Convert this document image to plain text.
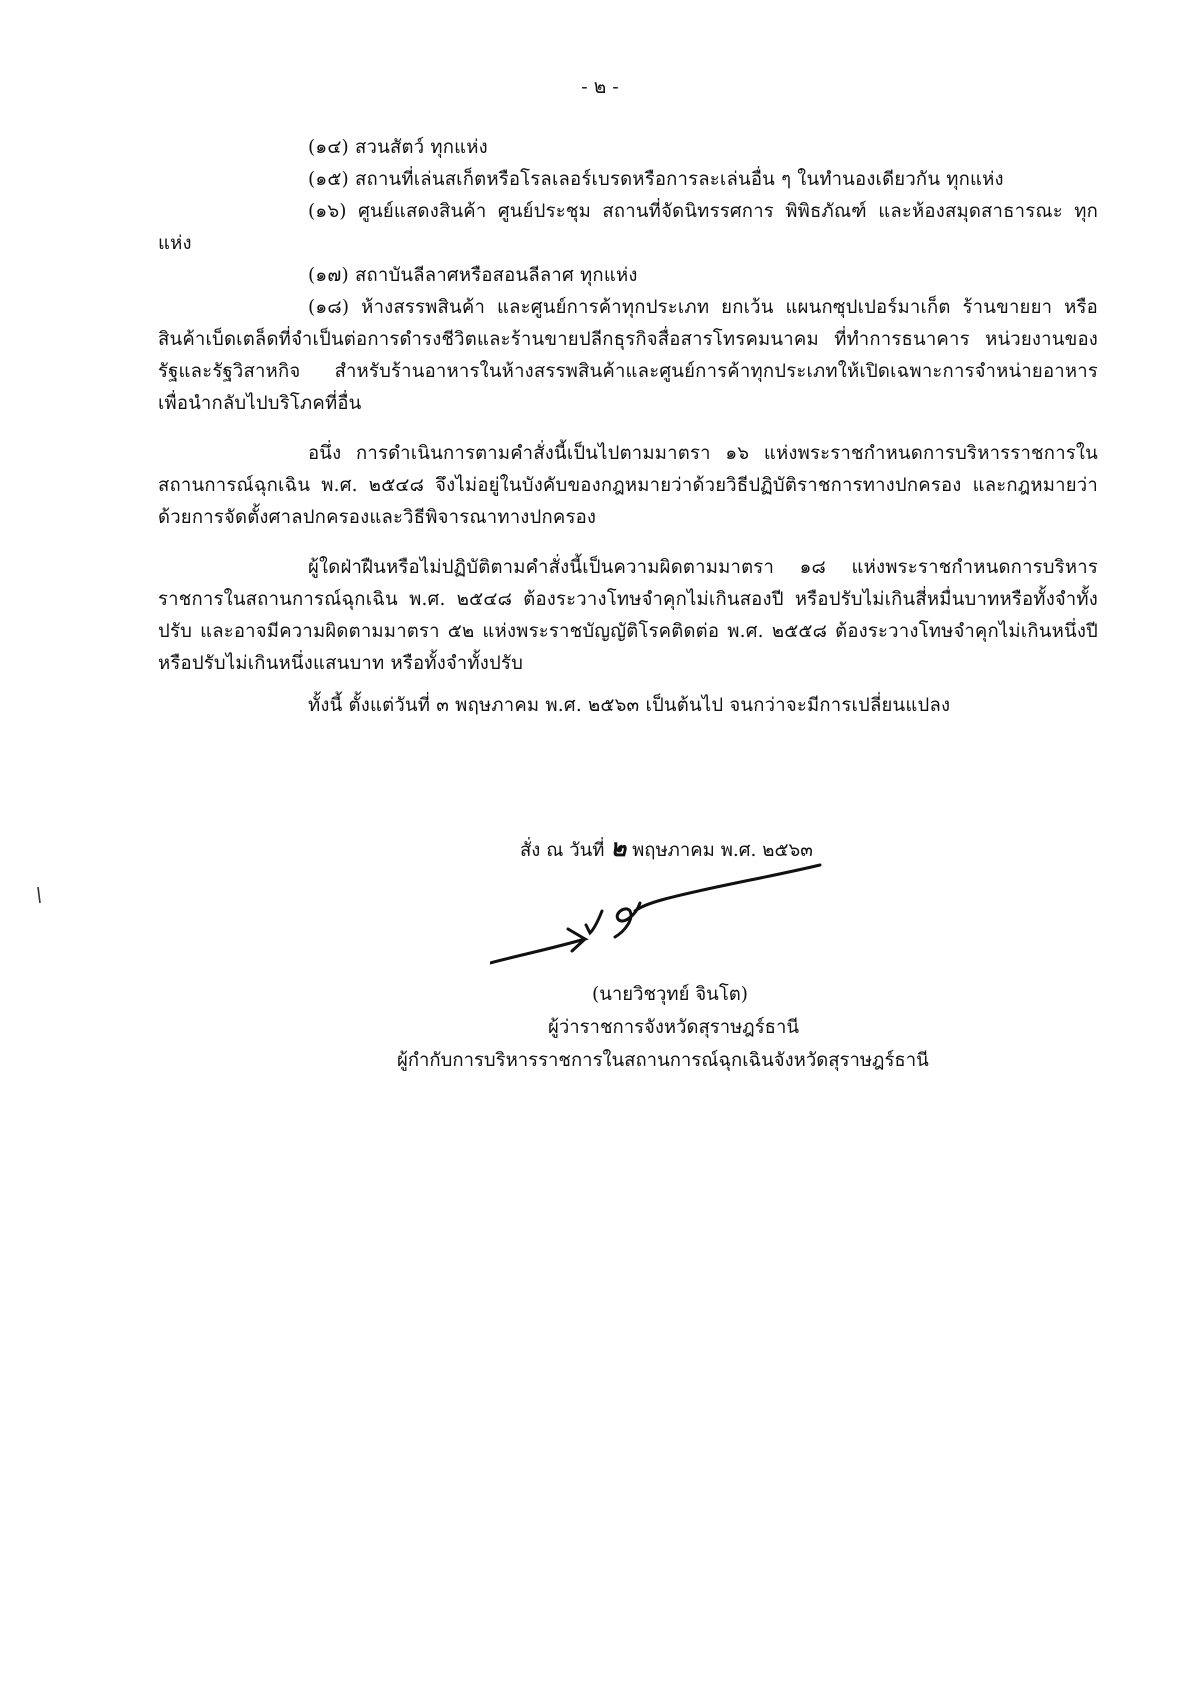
- ๒ -

(๑๔) สวนสัตว์ ทุกแห่ง

(๑๕) สถานที่เล่นสเก็ตหรือโรลเลอร์เบรดหรือการละเล่นอื่น ๆ ในทำนองเดียวกัน ทุกแห่ง

(๑๖) ศูนย์แสดงสินค้า ศูนย์ประชุม สถานที่จัดนิทรรศการ พิพิธภัณฑ์ และห้องสมุดสาธารณะ ทุกแห่ง

(๑๗) สถาบันลีลาศหรือสอนลีลาศ ทุกแห่ง

(๑๘) ห้างสรรพสินค้า และศูนย์การค้าทุกประเภท ยกเว้น แผนกซุปเปอร์มาเก็ต ร้านขายยา หรือสินค้าเบ็ดเตล็ดที่จำเป็นต่อการดำรงชีวิตและร้านขายปลีกธุรกิจสื่อสารโทรคมนาคม ที่ทำการธนาคาร หน่วยงานของรัฐและรัฐวิสาหกิจ สำหรับร้านอาหารในห้างสรรพสินค้าและศูนย์การค้าทุกประเภทให้เปิดเฉพาะการจำหน่ายอาหารเพื่อนำกลับไปบริโภคที่อื่น

อนึ่ง การดำเนินการตามคำสั่งนี้เป็นไปตามมาตรา ๑๖ แห่งพระราชกำหนดการบริหารราชการในสถานการณ์ฉุกเฉิน พ.ศ. ๒๕๔๘ จึงไม่อยู่ในบังคับของกฎหมายว่าด้วยวิธีปฏิบัติราชการทางปกครอง และกฎหมายว่าด้วยการจัดตั้งศาลปกครองและวิธีพิจารณาทางปกครอง

ผู้ใดฝ่าฝืนหรือไม่ปฏิบัติตามคำสั่งนี้เป็นความผิดตามมาตรา ๑๘ แห่งพระราชกำหนดการบริหารราชการในสถานการณ์ฉุกเฉิน พ.ศ. ๒๕๔๘ ต้องระวางโทษจำคุกไม่เกินสองปี หรือปรับไม่เกินสี่หมื่นบาทหรือทั้งจำทั้งปรับ และอาจมีความผิดตามมาตรา ๕๒ แห่งพระราชบัญญัติโรคติดต่อ พ.ศ. ๒๕๕๘ ต้องระวางโทษจำคุกไม่เกินหนึ่งปี หรือปรับไม่เกินหนึ่งแสนบาท หรือทั้งจำทั้งปรับ

ทั้งนี้ ตั้งแต่วันที่ ๓ พฤษภาคม พ.ศ. ๒๕๖๓ เป็นต้นไป จนกว่าจะมีการเปลี่ยนแปลง

สั่ง ณ วันที่ ๒ พฤษภาคม พ.ศ. ๒๕๖๓
(นายวิชวุทย์ จินโต)
ผู้ว่าราชการจังหวัดสุราษฎร์ธานี
ผู้กำกับการบริหารราชการในสถานการณ์ฉุกเฉินจังหวัดสุราษฎร์ธานี
